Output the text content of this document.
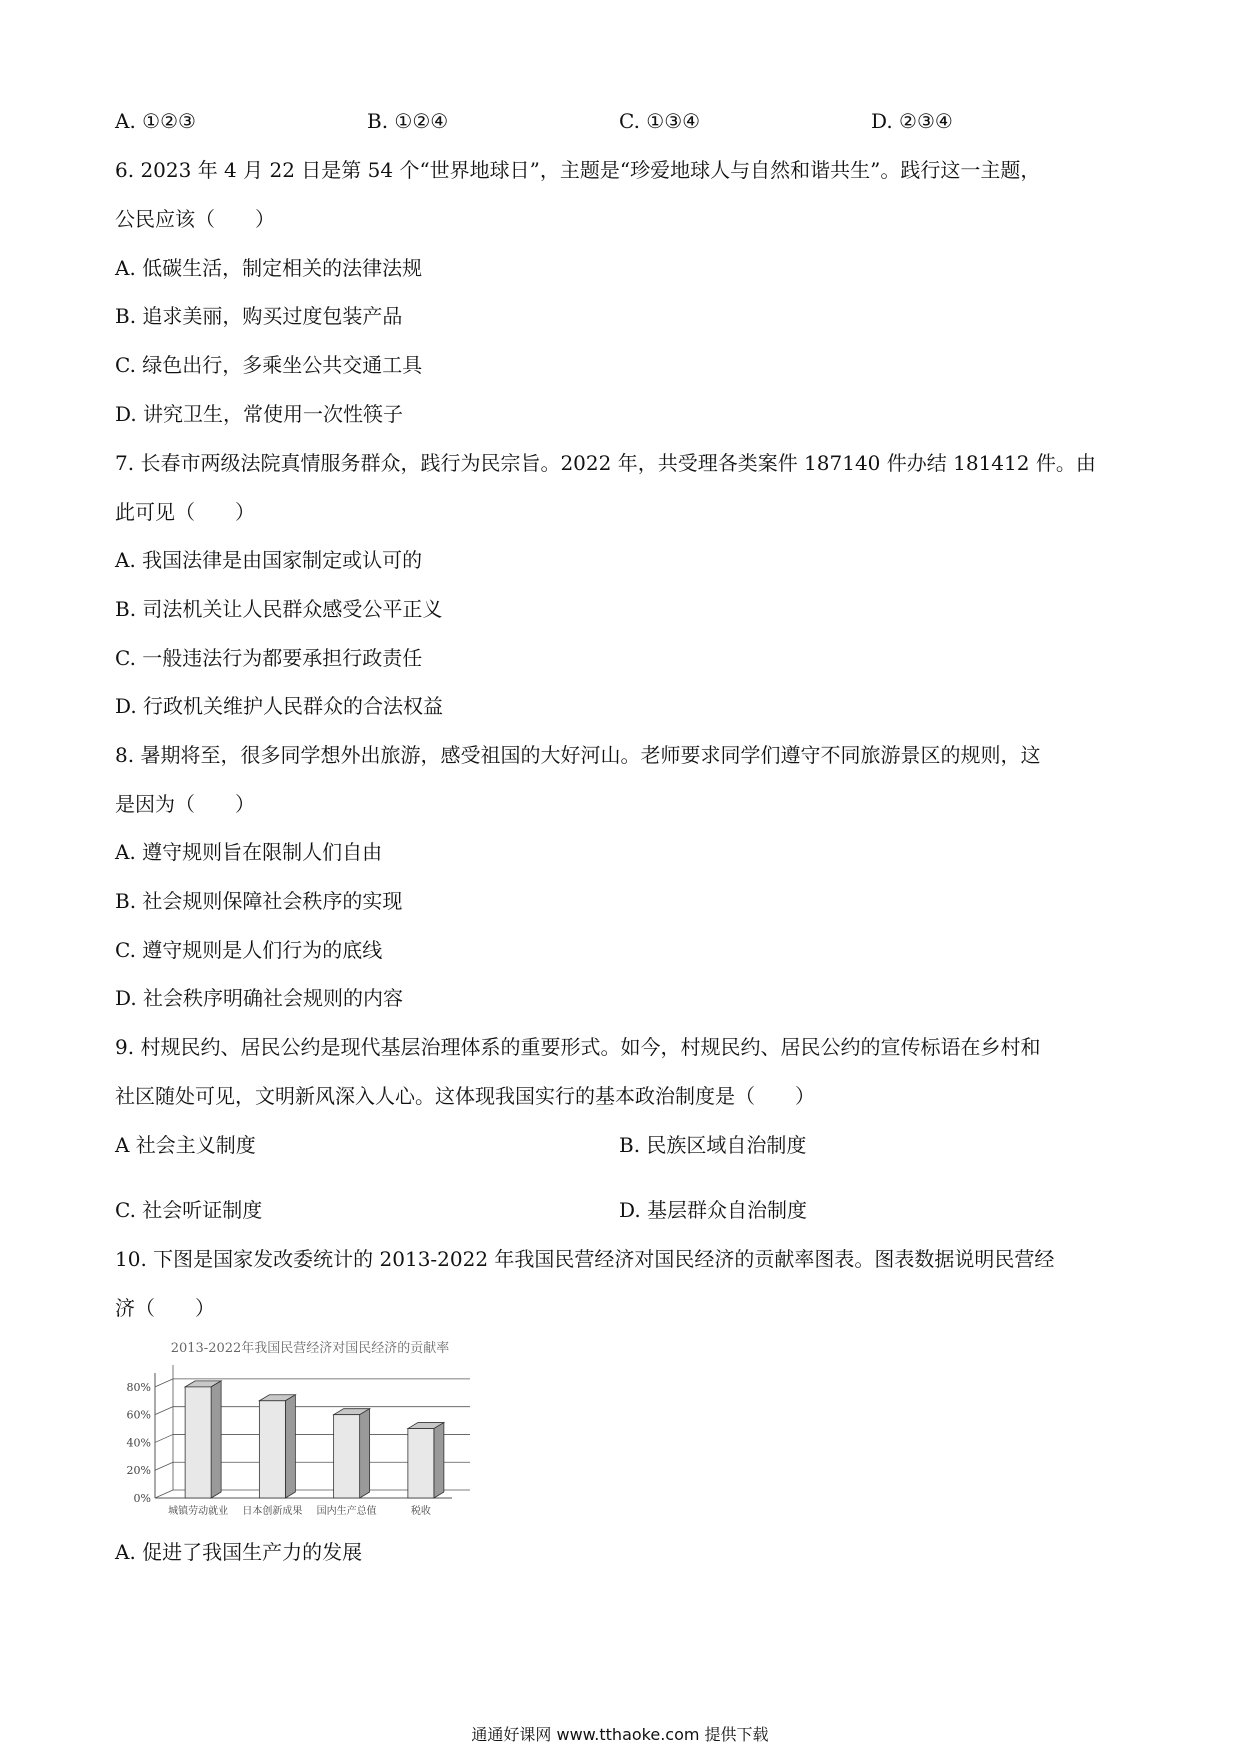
A. ①②③	B. ①②④	C. ①③④	D. ②③④
6. 2023 年 4 月 22 日是第 54 个“世界地球日”，主题是“珍爱地球人与自然和谐共生”。践行这一主题，
公民应该（　　）
A. 低碳生活，制定相关的法律法规
B. 追求美丽，购买过度包装产品
C. 绿色出行，多乘坐公共交通工具
D. 讲究卫生，常使用一次性筷子
7. 长春市两级法院真情服务群众，践行为民宗旨。2022 年，共受理各类案件 187140 件办结 181412 件。由
此可见（　　）
A. 我国法律是由国家制定或认可的
B. 司法机关让人民群众感受公平正义
C. 一般违法行为都要承担行政责任
D. 行政机关维护人民群众的合法权益
8. 暑期将至，很多同学想外出旅游，感受祖国的大好河山。老师要求同学们遵守不同旅游景区的规则，这
是因为（　　）
A. 遵守规则旨在限制人们自由
B. 社会规则保障社会秩序的实现
C. 遵守规则是人们行为的底线
D. 社会秩序明确社会规则的内容
9. 村规民约、居民公约是现代基层治理体系的重要形式。如今，村规民约、居民公约的宣传标语在乡村和
社区随处可见，文明新风深入人心。这体现我国实行的基本政治制度是（　　）
A 社会主义制度	B. 民族区域自治制度
C. 社会听证制度	D. 基层群众自治制度
10. 下图是国家发改委统计的 2013-2022 年我国民营经济对国民经济的贡献率图表。图表数据说明民营经
济（　　）
2013-2022年我国民营经济对国民经济的贡献率
0%
20%
40%
60%
80%
城镇劳动就业 日本创新成果 国内生产总值	税收
A. 促进了我国生产力的发展
通通好课网 www.tthaoke.com 提供下载
